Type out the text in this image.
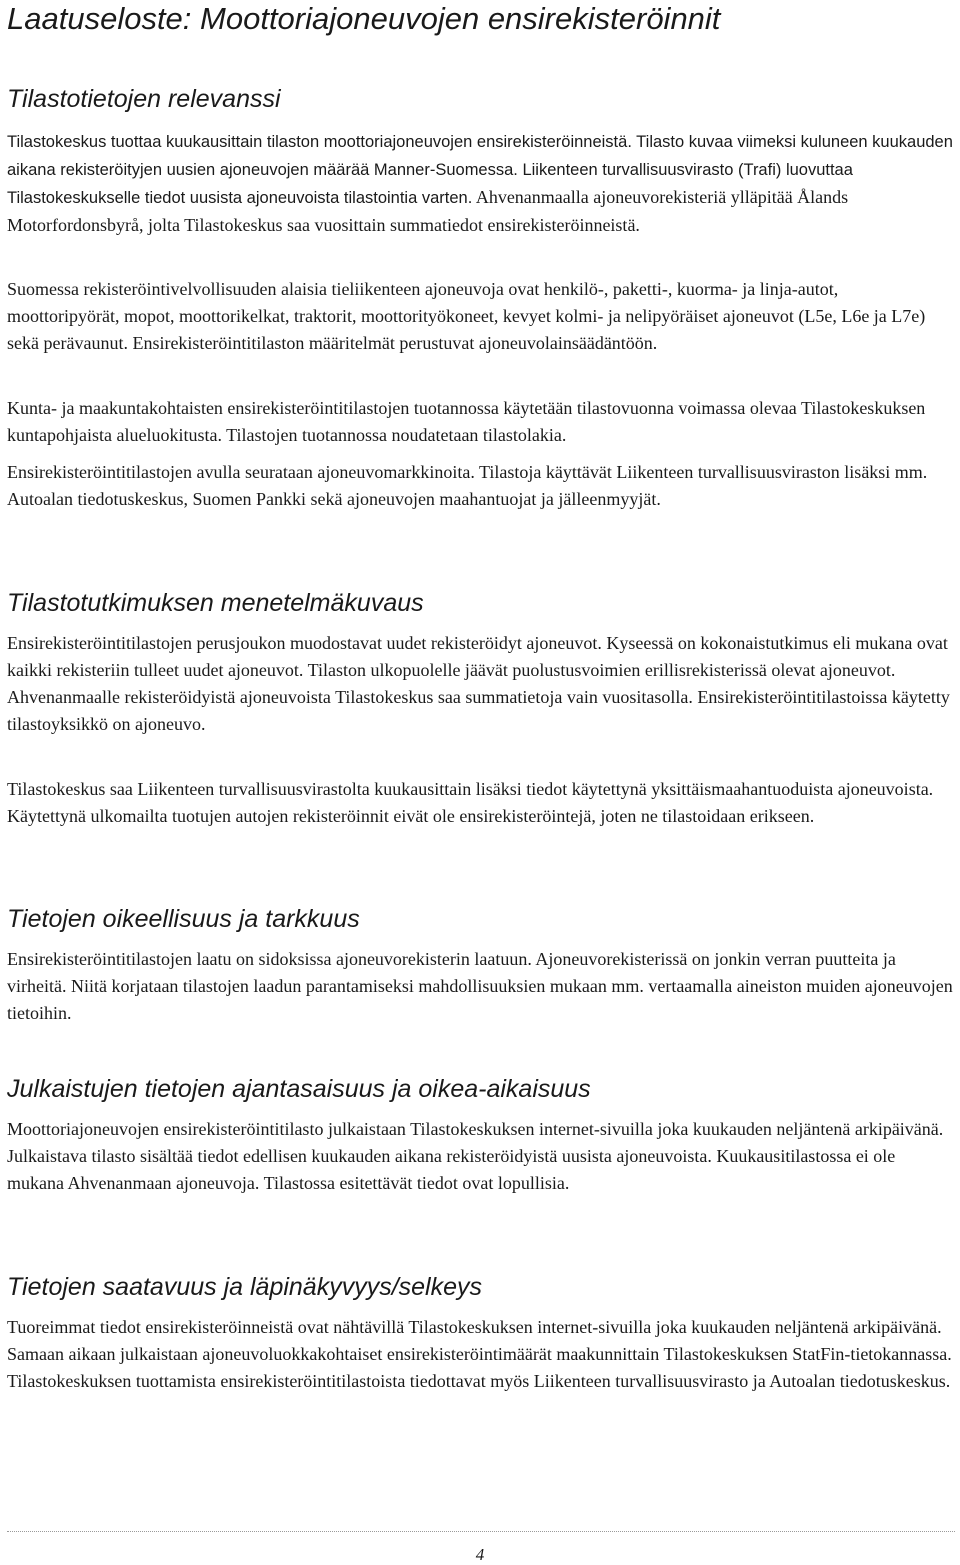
Laatuseloste: Moottoriajoneuvojen ensirekisteröinnit
Tilastotietojen relevanssi

Tilastokeskus tuottaa kuukausittain tilaston moottoriajoneuvojen ensirekisteröinneistä. Tilasto kuvaa viimeksi kuluneen kuukauden aikana rekisteröityjen uusien ajoneuvojen määrää Manner-Suomessa. Liikenteen turvallisuusvirasto (Trafi) luovuttaa Tilastokeskukselle tiedot uusista ajoneuvoista tilastointia varten. Ahvenanmaalla ajoneuvorekisteriä ylläpitää Ålands Motorfordonsbyrå, jolta Tilastokeskus saa vuosittain summatiedot ensirekisteröinneistä.

Suomessa rekisteröintivelvollisuuden alaisia tieliikenteen ajoneuvoja ovat henkilö-, paketti-, kuorma- ja linja-autot, moottoripyörät, mopot, moottorikelkat, traktorit, moottorityökoneet, kevyet kolmi- ja nelipyöräiset ajoneuvot (L5e, L6e ja L7e) sekä perävaunut. Ensirekisteröintitilaston määritelmät perustuvat ajoneuvolainsäädäntöön.

Kunta- ja maakuntakohtaisten ensirekisteröintitilastojen tuotannossa käytetään tilastovuonna voimassa olevaa Tilastokeskuksen kuntapohjaista alueluokitusta. Tilastojen tuotannossa noudatetaan tilastolakia.

Ensirekisteröintitilastojen avulla seurataan ajoneuvomarkkinoita. Tilastoja käyttävät Liikenteen turvallisuusviraston lisäksi mm. Autoalan tiedotuskeskus, Suomen Pankki sekä ajoneuvojen maahantuojat ja jälleenmyyjät.

Tilastotutkimuksen menetelmäkuvaus

Ensirekisteröintitilastojen perusjoukon muodostavat uudet rekisteröidyt ajoneuvot. Kyseessä on kokonaistutkimus eli mukana ovat kaikki rekisteriin tulleet uudet ajoneuvot. Tilaston ulkopuolelle jäävät puolustusvoimien erillisrekisterissä olevat ajoneuvot. Ahvenanmaalle rekisteröidyistä ajoneuvoista Tilastokeskus saa summatietoja vain vuositasolla. Ensirekisteröintitilastoissa käytetty tilastoyksikkö on ajoneuvo.

Tilastokeskus saa Liikenteen turvallisuusvirastolta kuukausittain lisäksi tiedot käytettynä yksittäismaahantuoduista ajoneuvoista. Käytettynä ulkomailta tuotujen autojen rekisteröinnit eivät ole ensirekisteröintejä, joten ne tilastoidaan erikseen.

Tietojen oikeellisuus ja tarkkuus

Ensirekisteröintitilastojen laatu on sidoksissa ajoneuvorekisterin laatuun. Ajoneuvorekisterissä on jonkin verran puutteita ja virheitä. Niitä korjataan tilastojen laadun parantamiseksi mahdollisuuksien mukaan mm. vertaamalla aineiston muiden ajoneuvojen tietoihin.

Julkaistujen tietojen ajantasaisuus ja oikea-aikaisuus

Moottoriajoneuvojen ensirekisteröintitilasto julkaistaan Tilastokeskuksen internet-sivuilla joka kuukauden neljäntenä arkipäivänä. Julkaistava tilasto sisältää tiedot edellisen kuukauden aikana rekisteröidyistä uusista ajoneuvoista. Kuukausitilastossa ei ole mukana Ahvenanmaan ajoneuvoja. Tilastossa esitettävät tiedot ovat lopullisia.

Tietojen saatavuus ja läpinäkyvyys/selkeys

Tuoreimmat tiedot ensirekisteröinneistä ovat nähtävillä Tilastokeskuksen internet-sivuilla joka kuukauden neljäntenä arkipäivänä. Samaan aikaan julkaistaan ajoneuvoluokkakohtaiset ensirekisteröintimäärät maakunnittain Tilastokeskuksen StatFin-tietokannassa. Tilastokeskuksen tuottamista ensirekisteröintitilastoista tiedottavat myös Liikenteen turvallisuusvirasto ja Autoalan tiedotuskeskus.

4
